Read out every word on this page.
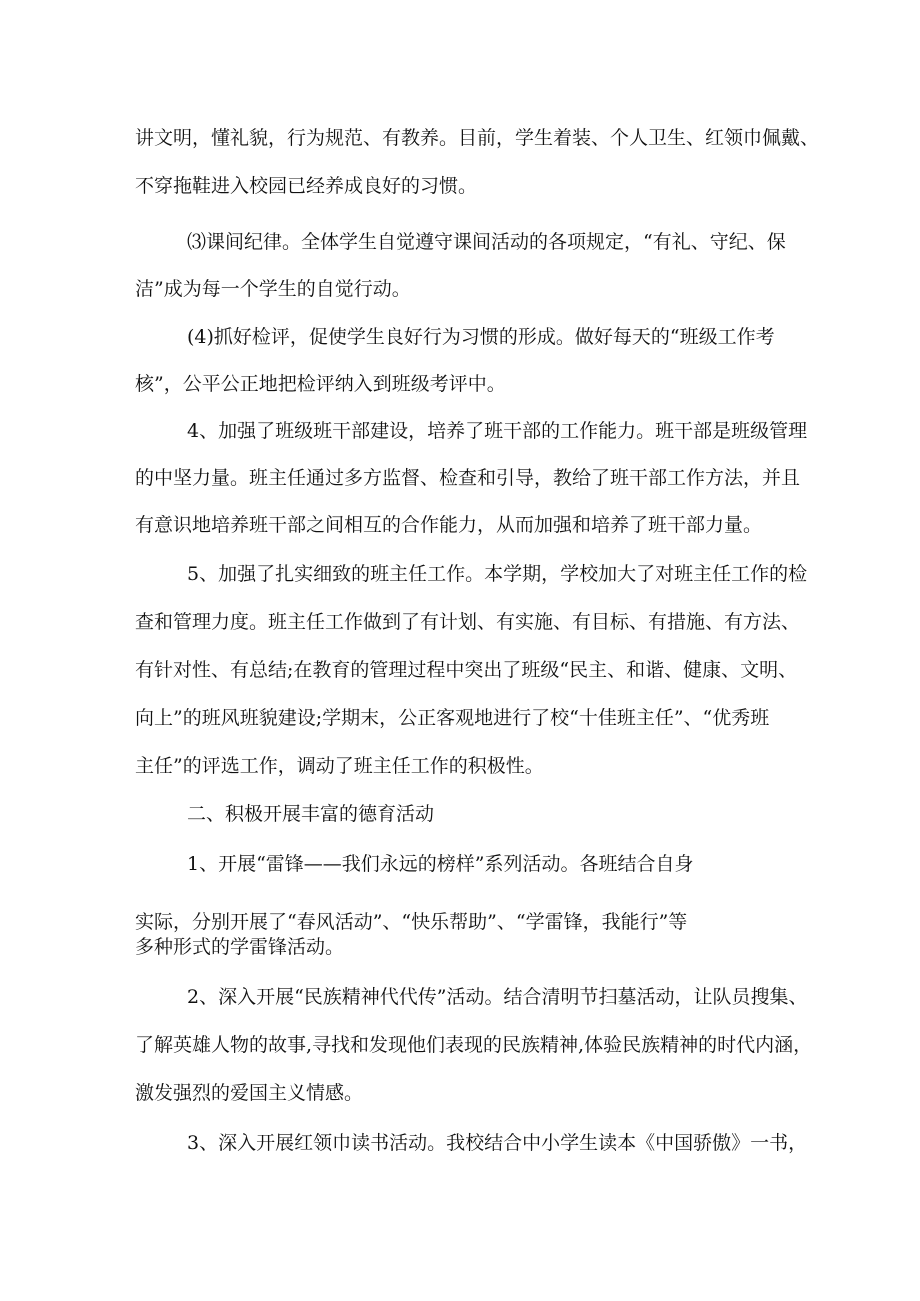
讲文明，懂礼貌，行为规范、有教养。目前，学生着装、个人卫生、红领巾佩戴、
不穿拖鞋进入校园已经养成良好的习惯。
⑶课间纪律。全体学生自觉遵守课间活动的各项规定，“有礼、守纪、保
洁”成为每一个学生的自觉行动。
(4)抓好检评，促使学生良好行为习惯的形成。做好每天的“班级工作考
核”，公平公正地把检评纳入到班级考评中。
4、加强了班级班干部建设，培养了班干部的工作能力。班干部是班级管理
的中坚力量。班主任通过多方监督、检查和引导，教给了班干部工作方法，并且
有意识地培养班干部之间相互的合作能力，从而加强和培养了班干部力量。
5、加强了扎实细致的班主任工作。本学期，学校加大了对班主任工作的检
查和管理力度。班主任工作做到了有计划、有实施、有目标、有措施、有方法、
有针对性、有总结;在教育的管理过程中突出了班级“民主、和谐、健康、文明、
向上”的班风班貌建设;学期末，公正客观地进行了校“十佳班主任”、“优秀班
主任”的评选工作，调动了班主任工作的积极性。
二、积极开展丰富的德育活动
1、开展“雷锋——我们永远的榜样”系列活动。各班结合自身
实际，分别开展了“春风活动”、“快乐帮助”、“学雷锋，我能行”等
多种形式的学雷锋活动。
2、深入开展“民族精神代代传”活动。结合清明节扫墓活动，让队员搜集、
了解英雄人物的故事,寻找和发现他们表现的民族精神,体验民族精神的时代内涵，
激发强烈的爱国主义情感。
3、深入开展红领巾读书活动。我校结合中小学生读本《中国骄傲》一书，
